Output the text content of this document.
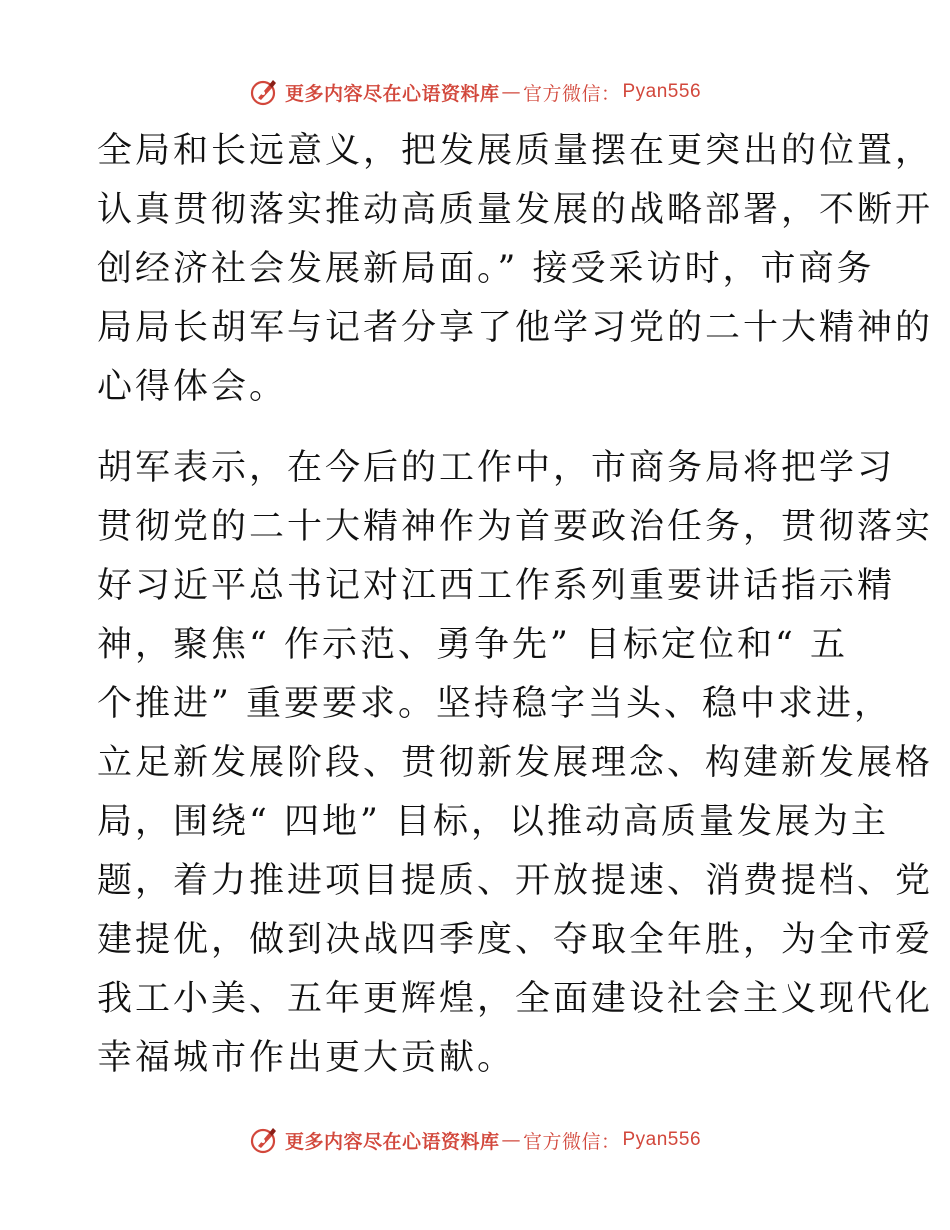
更多内容尽在心语资料库 — 官方微信： Pyan556
全局和长远意义，把发展质量摆在更突出的位置，
认真贯彻落实推动高质量发展的战略部署，不断开
创经济社会发展新局面。” 接受采访时，市商务
局局长胡军与记者分享了他学习党的二十大精神的
心得体会。
胡军表示，在今后的工作中，市商务局将把学习
贯彻党的二十大精神作为首要政治任务，贯彻落实
好习近平总书记对江西工作系列重要讲话指示精
神，聚焦“ 作示范、勇争先” 目标定位和“ 五
个推进” 重要要求。坚持稳字当头、稳中求进，
立足新发展阶段、贯彻新发展理念、构建新发展格
局，围绕“ 四地” 目标，以推动高质量发展为主
题，着力推进项目提质、开放提速、消费提档、党
建提优，做到决战四季度、夺取全年胜，为全市爱
我工小美、五年更辉煌，全面建设社会主义现代化
幸福城市作出更大贡献。
更多内容尽在心语资料库 — 官方微信： Pyan556
